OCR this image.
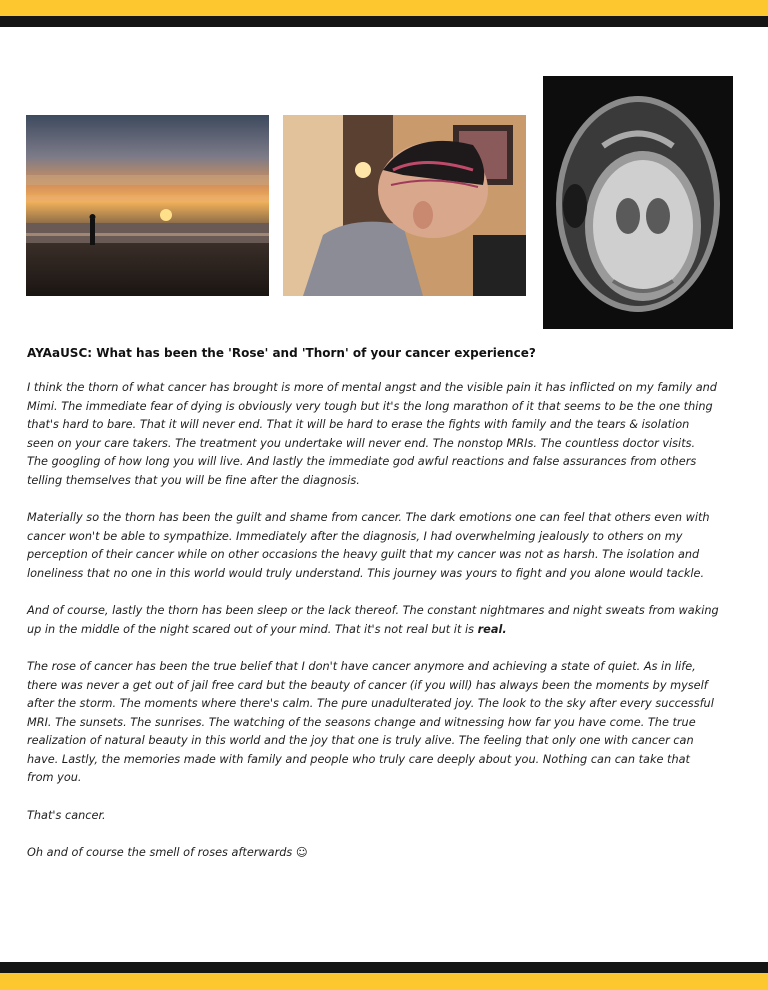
AYAaUSC: What has been the 'Rose' and 'Thorn' of your cancer experience?

I think the thorn of what cancer has brought is more of mental angst and the visible pain it has inflicted on my family and Mimi. The immediate fear of dying is obviously very tough but it's the long marathon of it that seems to be the one thing that's hard to bare. That it will never end. That it will be hard to erase the fights with family and the tears & isolation seen on your care takers. The treatment you undertake will never end. The nonstop MRIs. The countless doctor visits. The googling of how long you will live. And lastly the immediate god awful reactions and false assurances from others telling themselves that you will be fine after the diagnosis.

Materially so the thorn has been the guilt and shame from cancer. The dark emotions one can feel that others even with cancer won't be able to sympathize. Immediately after the diagnosis, I had overwhelming jealously to others on my perception of their cancer while on other occasions the heavy guilt that my cancer was not as harsh. The isolation and loneliness that no one in this world would truly understand. This journey was yours to fight and you alone would tackle.

And of course, lastly the thorn has been sleep or the lack thereof. The constant nightmares and night sweats from waking up in the middle of the night scared out of your mind. That it's not real but it is real.

The rose of cancer has been the true belief that I don't have cancer anymore and achieving a state of quiet. As in life, there was never a get out of jail free card but the beauty of cancer (if you will) has always been the moments by myself after the storm. The moments where there's calm. The pure unadulterated joy. The look to the sky after every successful MRI. The sunsets. The sunrises. The watching of the seasons change and witnessing how far you have come. The true realization of natural beauty in this world and the joy that one is truly alive. The feeling that only one with cancer can have. Lastly, the memories made with family and people who truly care deeply about you. Nothing can can take that from you.

That's cancer.

Oh and of course the smell of roses afterwards ☺
